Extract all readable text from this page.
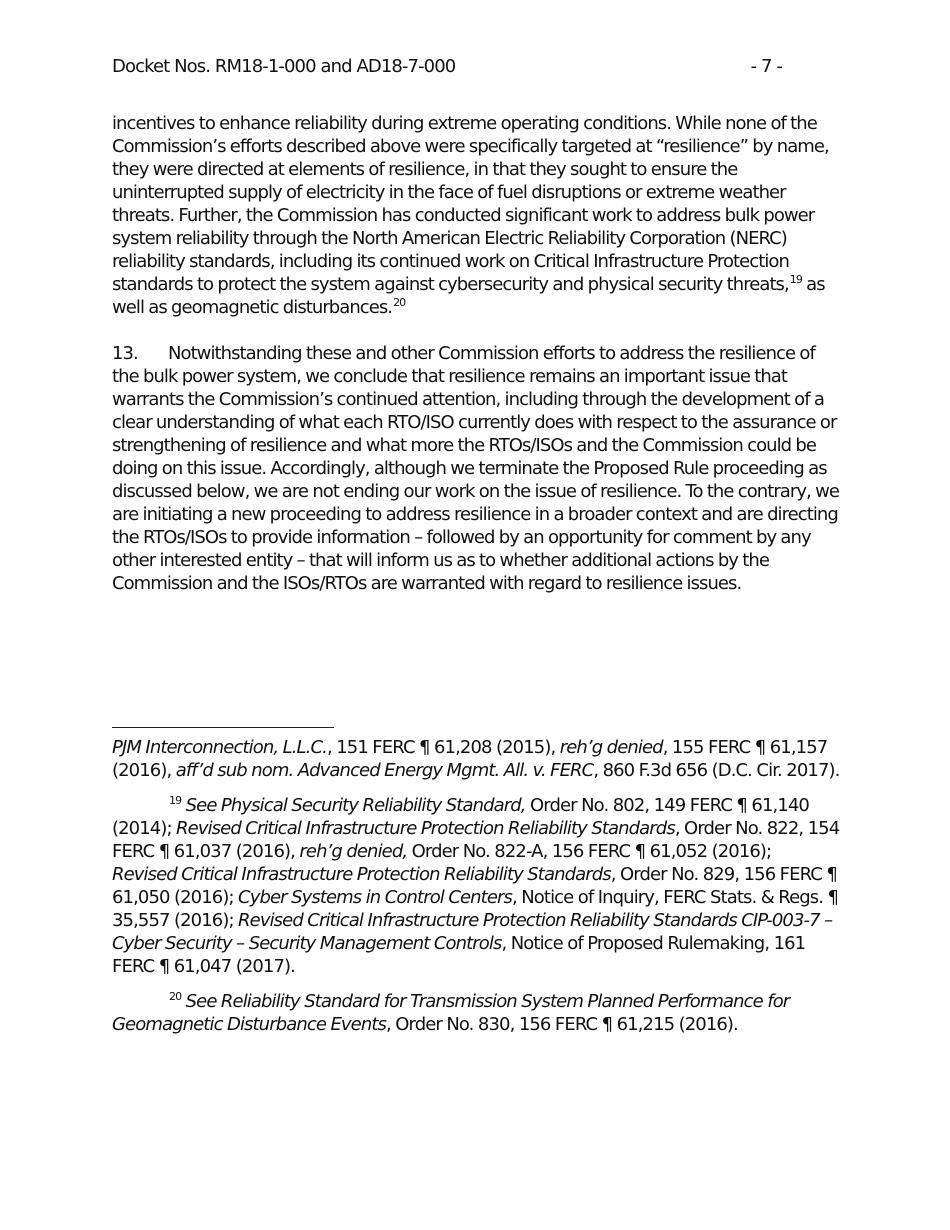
Docket Nos. RM18-1-000 and AD18-7-000	- 7 -

incentives to enhance reliability during extreme operating conditions. While none of the Commission’s efforts described above were specifically targeted at “resilience” by name, they were directed at elements of resilience, in that they sought to ensure the uninterrupted supply of electricity in the face of fuel disruptions or extreme weather threats. Further, the Commission has conducted significant work to address bulk power system reliability through the North American Electric Reliability Corporation (NERC) reliability standards, including its continued work on Critical Infrastructure Protection standards to protect the system against cybersecurity and physical security threats,$^{19}$ as well as geomagnetic disturbances.$^{20}$

13. Notwithstanding these and other Commission efforts to address the resilience of the bulk power system, we conclude that resilience remains an important issue that warrants the Commission’s continued attention, including through the development of a clear understanding of what each RTO/ISO currently does with respect to the assurance or strengthening of resilience and what more the RTOs/ISOs and the Commission could be doing on this issue. Accordingly, although we terminate the Proposed Rule proceeding as discussed below, we are not ending our work on the issue of resilience. To the contrary, we are initiating a new proceeding to address resilience in a broader context and are directing the RTOs/ISOs to provide information – followed by an opportunity for comment by any other interested entity – that will inform us as to whether additional actions by the Commission and the ISOs/RTOs are warranted with regard to resilience issues.

PJM Interconnection, L.L.C., 151 FERC ¶ 61,208 (2015), reh’g denied, 155 FERC ¶ 61,157 (2016), aff’d sub nom. Advanced Energy Mgmt. All. v. FERC, 860 F.3d 656 (D.C. Cir. 2017).

$^{19}$ See Physical Security Reliability Standard, Order No. 802, 149 FERC ¶ 61,140 (2014); Revised Critical Infrastructure Protection Reliability Standards, Order No. 822, 154 FERC ¶ 61,037 (2016), reh’g denied, Order No. 822-A, 156 FERC ¶ 61,052 (2016); Revised Critical Infrastructure Protection Reliability Standards, Order No. 829, 156 FERC ¶ 61,050 (2016); Cyber Systems in Control Centers, Notice of Inquiry, FERC Stats. & Regs. ¶ 35,557 (2016); Revised Critical Infrastructure Protection Reliability Standards CIP-003-7 – Cyber Security – Security Management Controls, Notice of Proposed Rulemaking, 161 FERC ¶ 61,047 (2017).

$^{20}$ See Reliability Standard for Transmission System Planned Performance for Geomagnetic Disturbance Events, Order No. 830, 156 FERC ¶ 61,215 (2016).
